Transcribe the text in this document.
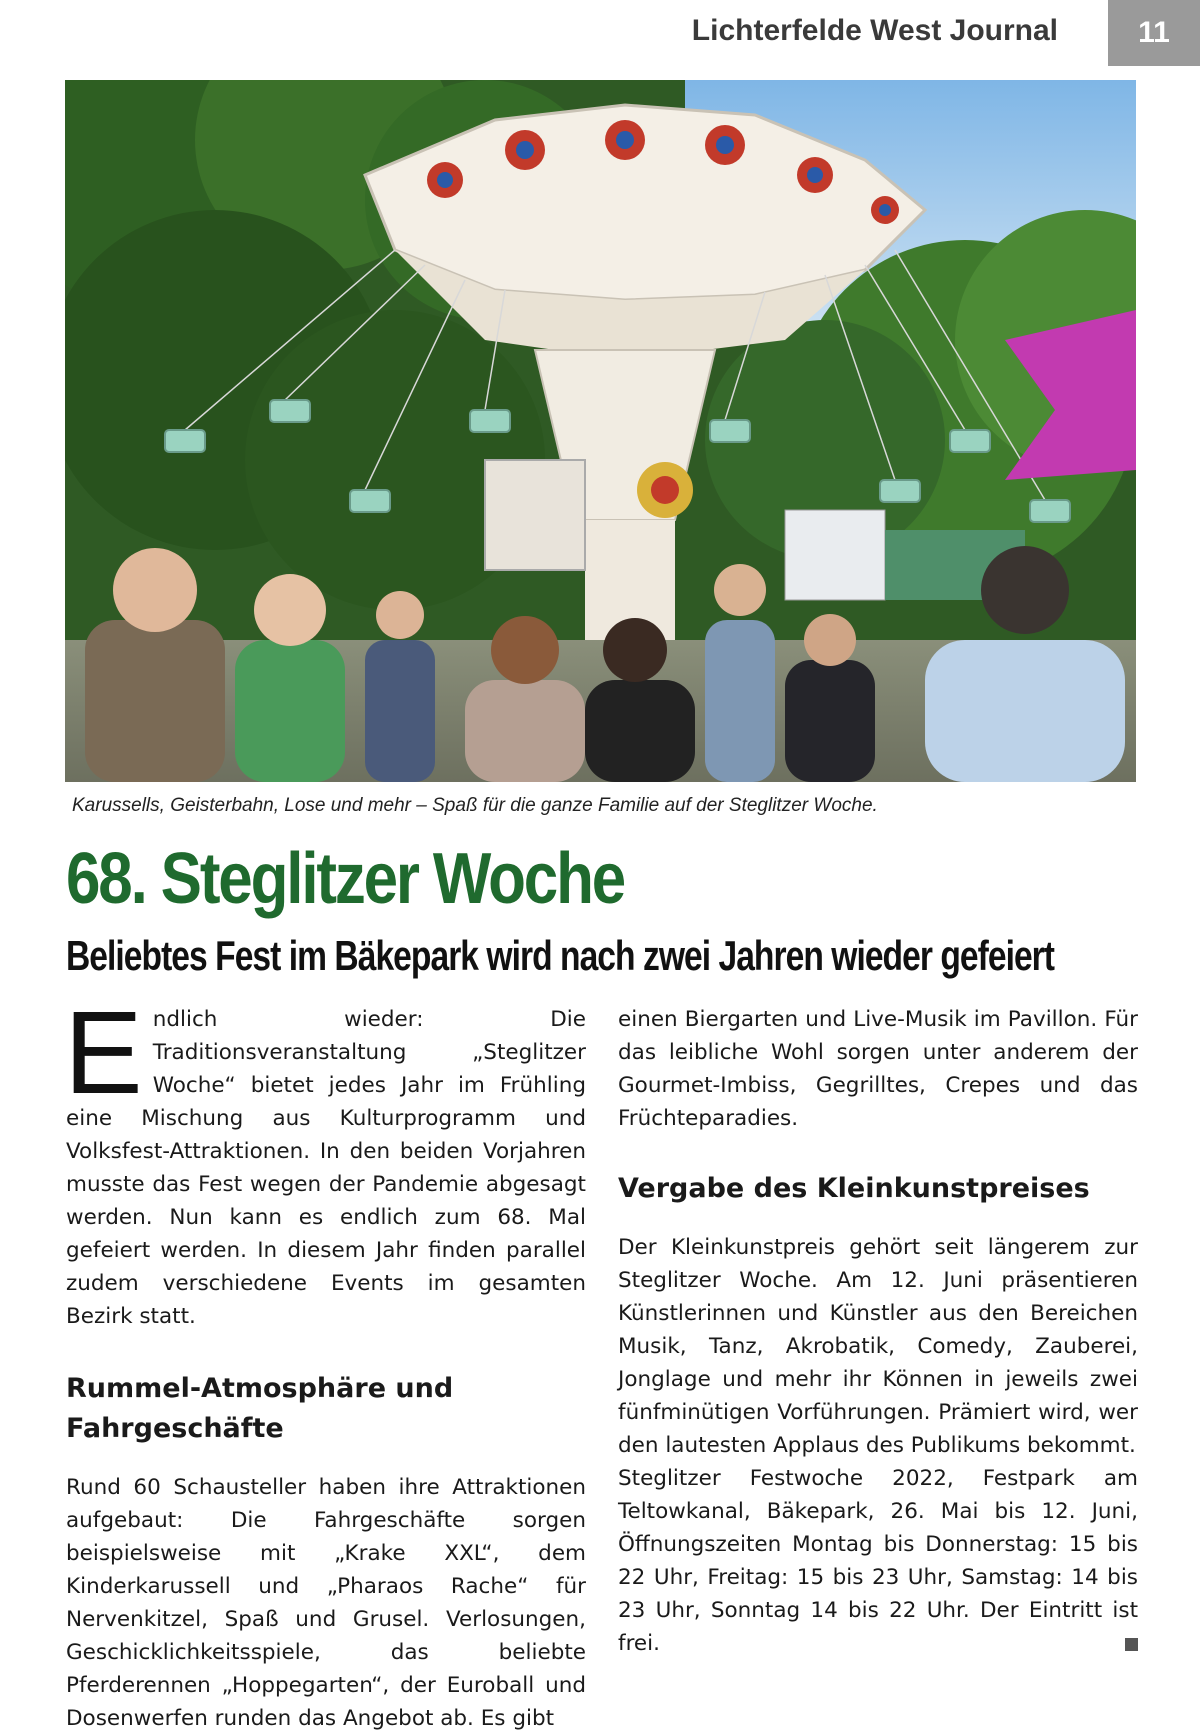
Lichterfelde West Journal	11
Karussells, Geisterbahn, Lose und mehr – Spaß für die ganze Familie auf der Steglitzer Woche.
68. Steglitzer Woche
Beliebtes Fest im Bäkepark wird nach zwei Jahren wieder gefeiert

Endlich wieder: Die Traditionsveranstaltung „Steglitzer Woche“ bietet jedes Jahr im Frühling eine Mischung aus Kulturprogramm und Volksfest-Attraktionen. In den beiden Vorjahren musste das Fest wegen der Pandemie abgesagt werden. Nun kann es endlich zum 68. Mal gefeiert werden. In diesem Jahr finden parallel zudem verschiedene Events im gesamten Bezirk statt.

Rummel-Atmosphäre und Fahrgeschäfte

Rund 60 Schausteller haben ihre Attraktionen aufgebaut: Die Fahrgeschäfte sorgen beispielsweise mit „Krake XXL“, dem Kinderkarussell und „Pharaos Rache“ für Nervenkitzel, Spaß und Grusel. Verlosungen, Geschicklichkeitsspiele, das beliebte Pferderennen „Hoppegarten“, der Euroball und Dosenwerfen runden das Angebot ab. Es gibt

einen Biergarten und Live-Musik im Pavillon. Für das leibliche Wohl sorgen unter anderem der Gourmet-Imbiss, Gegrilltes, Crepes und das Früchteparadies.

Vergabe des Kleinkunstpreises

Der Kleinkunstpreis gehört seit längerem zur Steglitzer Woche. Am 12. Juni präsentieren Künstlerinnen und Künstler aus den Bereichen Musik, Tanz, Akrobatik, Comedy, Zauberei, Jonglage und mehr ihr Können in jeweils zwei fünfminütigen Vorführungen. Prämiert wird, wer den lautesten Applaus des Publikums bekommt.

Steglitzer Festwoche 2022, Festpark am Teltowkanal, Bäkepark, 26. Mai bis 12. Juni, Öffnungszeiten Montag bis Donnerstag: 15 bis 22 Uhr, Freitag: 15 bis 23 Uhr, Samstag: 14 bis 23 Uhr, Sonntag 14 bis 22 Uhr. Der Eintritt ist frei.
